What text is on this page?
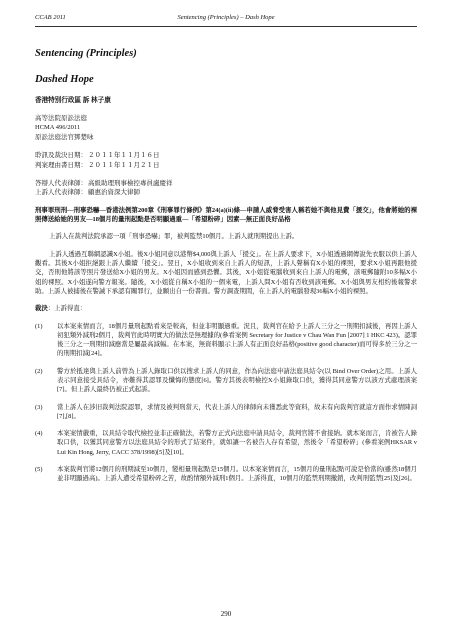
CCAB 2011	Sentencing (Principles) – Dash Hope
Sentencing (Principles)
Dashed Hope
香港特別行政區 訴 林子康
高等法院原訟法庭
HCMA 496/2011
原訟法庭法官鄧楚咏
聆訊及裁決日期： ２０１１年１１月１６日
判案理由書日期： ２０１１年１１月２１日
答辯人代表律師： 高級助理刑事檢控專員盧慶祥
上訴人代表律師： 顧惠治資深大律師

刑事罪刑刑—刑事恐嚇—香港法例第200章《刑事罪行條例》第24(a)(ii)條—申請人威脅受害人稱若她不與他見費「援交」，他會將她的裸照傳送給她的男友—18個月的量刑起點是否明顯過重—「希望粉碎」因素—無正面良好品格

上訴人在裁判法院承認一項「刑事恐嚇」罪，被判監禁10個月。上訴人就刑期提出上訴。

上訴人透過互聯網認識X小姐。後X小姐同意以港幣$4,000與上訴人「援交」。在上訴人要求下，X小姐透過網傳說先衣服以供上訴人觀看。其後X小姐拒絕跟上訴人繼續「援交」。翌日，X小姐收到來自上訴人的短訊，上訴人聲稱有X小姐的裸照，要求X小姐再跟他援交，否則他將該等照片發送給X小姐的男友。X小姐因而感到恐懼。其後，X小姐從電腦收到來自上訴人的電郵，該電郵隨附10多幅X小姐的裸照。X小姐遂向警方報案。隨後，X小姐從自稱X小姐的一個來電，上訴人問X小姐有否收到該電郵。X小姐與男友相約後報警求助。上訴人被捕後在警誡下承認有關罪行，並願出自一份書面。警方調查期間，在上訴人的電腦發現36幅X小姐的裸照。

裁決：上訴得直：

(1)	以本案來情而言，18個月量刑起點看來是較高，但並非明顯過重。況且，裁判官在給予上訴人三分之一刑期扣減後，再因上訴人初犯類外減刑2個月，裁判官此時明實大的做法是無理據的(參看案例 Secretary for Justice v Chau Wan Fun [2007] 1 HKC 423)。認罪後三分之一刑期扣減應當是屬最高減幅。在本案，無資料顯示上訴人有正面良好品格(positive good character)而可得多於三分之一的刑期扣減[24]。
(2)	警方於抵達與上訴人前曾為上訴人錄取口供以搜求上訴人的同意，作為向法庭申請法庭具結令(以 Bind Over Order)之用。上訴人表示同意接受具結令，亦難得其認罪及懺悔的態度[6]。警方其後表明檢控X小姐錄取口供，獲得其同意警方以該方式處理該案[7]。但上訴人最終仍被正式起訴。
(3)	當上訴人在涉旧裁判法院認罪，求情及被判刑當天，代表上訴人的律師向未獲悉此等資料，故未有向裁判官就這方面作求情陳詞[7],[8]。
(4)	本案案情嚴重，以具結令取代檢控並非正確做法，若警方正式向法庭申請具結令，裁判官將不會接納。就本案而言，肯被告人錄取口供，以獲其同意警方以法庭具結令的形式了結案件，就如讓一名被告人存有希望，然後令「希望粉碎」(參看案例HKSAR v Lui Kin Hong, Jerry, CACC 378/1998)[5]及[10]。
(5)	本案裁判官將12個月的刑期減至10個月，變相量刑起點是15個月。以本案案情而言，15個月的量刑起點可說是恰當的(雖然18個月並非明顯過高)。上訴人遭受希望粉碎之苦，故酌情額外減刑1個月。上訴得直，10個月的監禁刑期撤銷，改判刑監禁[25]及[26]。
290
